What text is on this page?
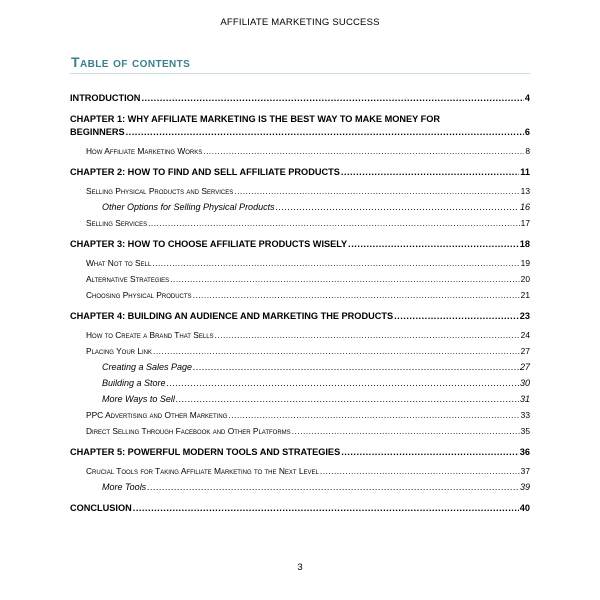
AFFILIATE MARKETING SUCCESS
Table of contents
INTRODUCTION .....	4
CHAPTER 1: WHY AFFILIATE MARKETING IS THE BEST WAY TO MAKE MONEY FOR
BEGINNERS .....	6
How Affiliate Marketing Works .....	8
CHAPTER 2: HOW TO FIND AND SELL AFFILIATE PRODUCTS .....	11
Selling Physical Products and Services .....	13
Other Options for Selling Physical Products .....	16
Selling Services .....	17
CHAPTER 3: HOW TO CHOOSE AFFILIATE PRODUCTS WISELY .....	18
What Not to Sell .....	19
Alternative Strategies .....	20
Choosing Physical Products .....	21
CHAPTER 4: BUILDING AN AUDIENCE AND MARKETING THE PRODUCTS .....	23
How to Create a Brand That Sells .....	24
Placing Your Link .....	27
Creating a Sales Page .....	27
Building a Store .....	30
More Ways to Sell .....	31
PPC Advertising and Other Marketing .....	33
Direct Selling Through Facebook and Other Platforms .....	35
CHAPTER 5: POWERFUL MODERN TOOLS AND STRATEGIES .....	36
Crucial Tools for Taking Affiliate Marketing to the Next Level .....	37
More Tools .....	39
CONCLUSION .....	40
3
